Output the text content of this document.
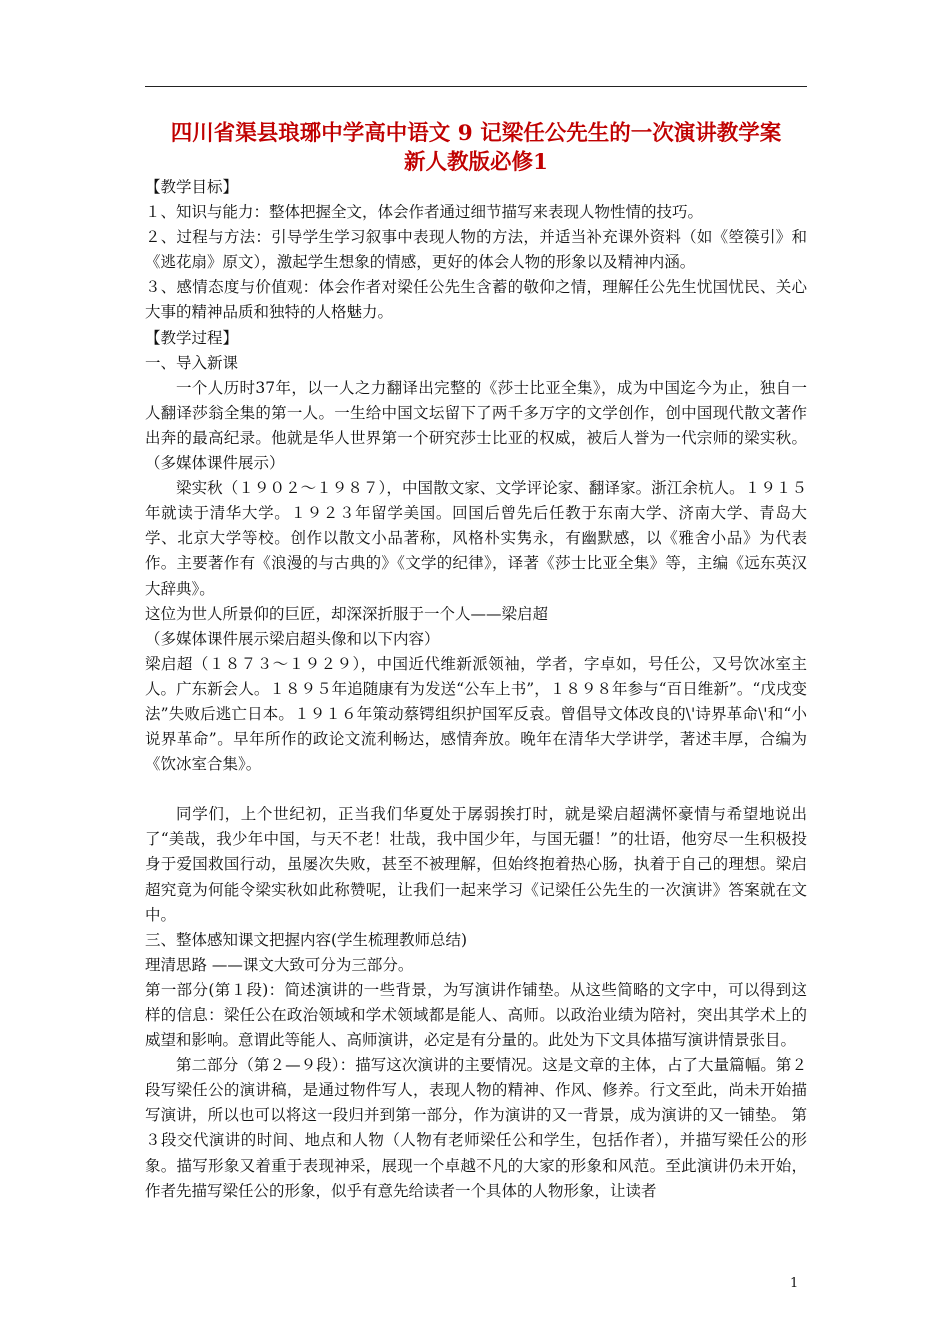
四川省渠县琅琊中学高中语文 9 记梁任公先生的一次演讲教学案
新人教版必修1

【教学目标】

１、知识与能力：整体把握全文，体会作者通过细节描写来表现人物性情的技巧。

２、过程与方法：引导学生学习叙事中表现人物的方法，并适当补充课外资料（如《箜篌引》和《逃花扇》原文），激起学生想象的情感，更好的体会人物的形象以及精神内涵。

３、感情态度与价值观：体会作者对梁任公先生含蓄的敬仰之情，理解任公先生忧国忧民、关心大事的精神品质和独特的人格魅力。

【教学过程】

一、导入新课

一个人历时37年，以一人之力翻译出完整的《莎士比亚全集》，成为中国迄今为止，独自一人翻译莎翁全集的第一人。一生给中国文坛留下了两千多万字的文学创作，创中国现代散文著作出奔的最高纪录。他就是华人世界第一个研究莎士比亚的权威，被后人誉为一代宗师的梁实秋。（多媒体课件展示）

梁实秋（１９０２～１９８７），中国散文家、文学评论家、翻译家。浙江余杭人。１９１５年就读于清华大学。１９２３年留学美国。回国后曾先后任教于东南大学、济南大学、青岛大学、北京大学等校。创作以散文小品著称，风格朴实隽永，有幽默感，以《雅舍小品》为代表作。主要著作有《浪漫的与古典的》《文学的纪律》，译著《莎士比亚全集》等，主编《远东英汉大辞典》。

这位为世人所景仰的巨匠，却深深折服于一个人——梁启超

（多媒体课件展示梁启超头像和以下内容）

梁启超（１８７３～１９２９），中国近代维新派领袖，学者，字卓如，号任公，又号饮冰室主人。广东新会人。１８９５年追随康有为发送“公车上书”，１８９８年参与“百日维新”。“戊戌变法”失败后逃亡日本。１９１６年策动蔡锷组织护国军反袁。曾倡导文体改良的\'诗界革命\'和“小说界革命”。早年所作的政论文流利畅达，感情奔放。晚年在清华大学讲学，著述丰厚，合编为《饮冰室合集》。

同学们，上个世纪初，正当我们华夏处于孱弱挨打时，就是梁启超满怀豪情与希望地说出了“美哉，我少年中国，与天不老！壮哉，我中国少年，与国无疆！”的壮语，他穷尽一生积极投身于爱国救国行动，虽屡次失败，甚至不被理解，但始终抱着热心肠，执着于自己的理想。梁启超究竟为何能令梁实秋如此称赞呢，让我们一起来学习《记梁任公先生的一次演讲》答案就在文中。

三、整体感知课文把握内容(学生梳理教师总结)

理清思路 ——课文大致可分为三部分。

第一部分(第１段)：简述演讲的一些背景，为写演讲作铺垫。从这些简略的文字中，可以得到这样的信息：梁任公在政治领域和学术领域都是能人、高师。以政治业绩为陪衬，突出其学术上的威望和影响。意谓此等能人、高师演讲，必定是有分量的。此处为下文具体描写演讲情景张目。

第二部分（第２—９段）：描写这次演讲的主要情况。这是文章的主体，占了大量篇幅。第２段写梁任公的演讲稿，是通过物件写人，表现人物的精神、作风、修养。行文至此，尚未开始描写演讲，所以也可以将这一段归并到第一部分，作为演讲的又一背景，成为演讲的又一铺垫。 第３段交代演讲的时间、地点和人物（人物有老师梁任公和学生，包括作者），并描写梁任公的形象。描写形象又着重于表现神采，展现一个卓越不凡的大家的形象和风范。至此演讲仍未开始，作者先描写梁任公的形象，似乎有意先给读者一个具体的人物形象，让读者

1
